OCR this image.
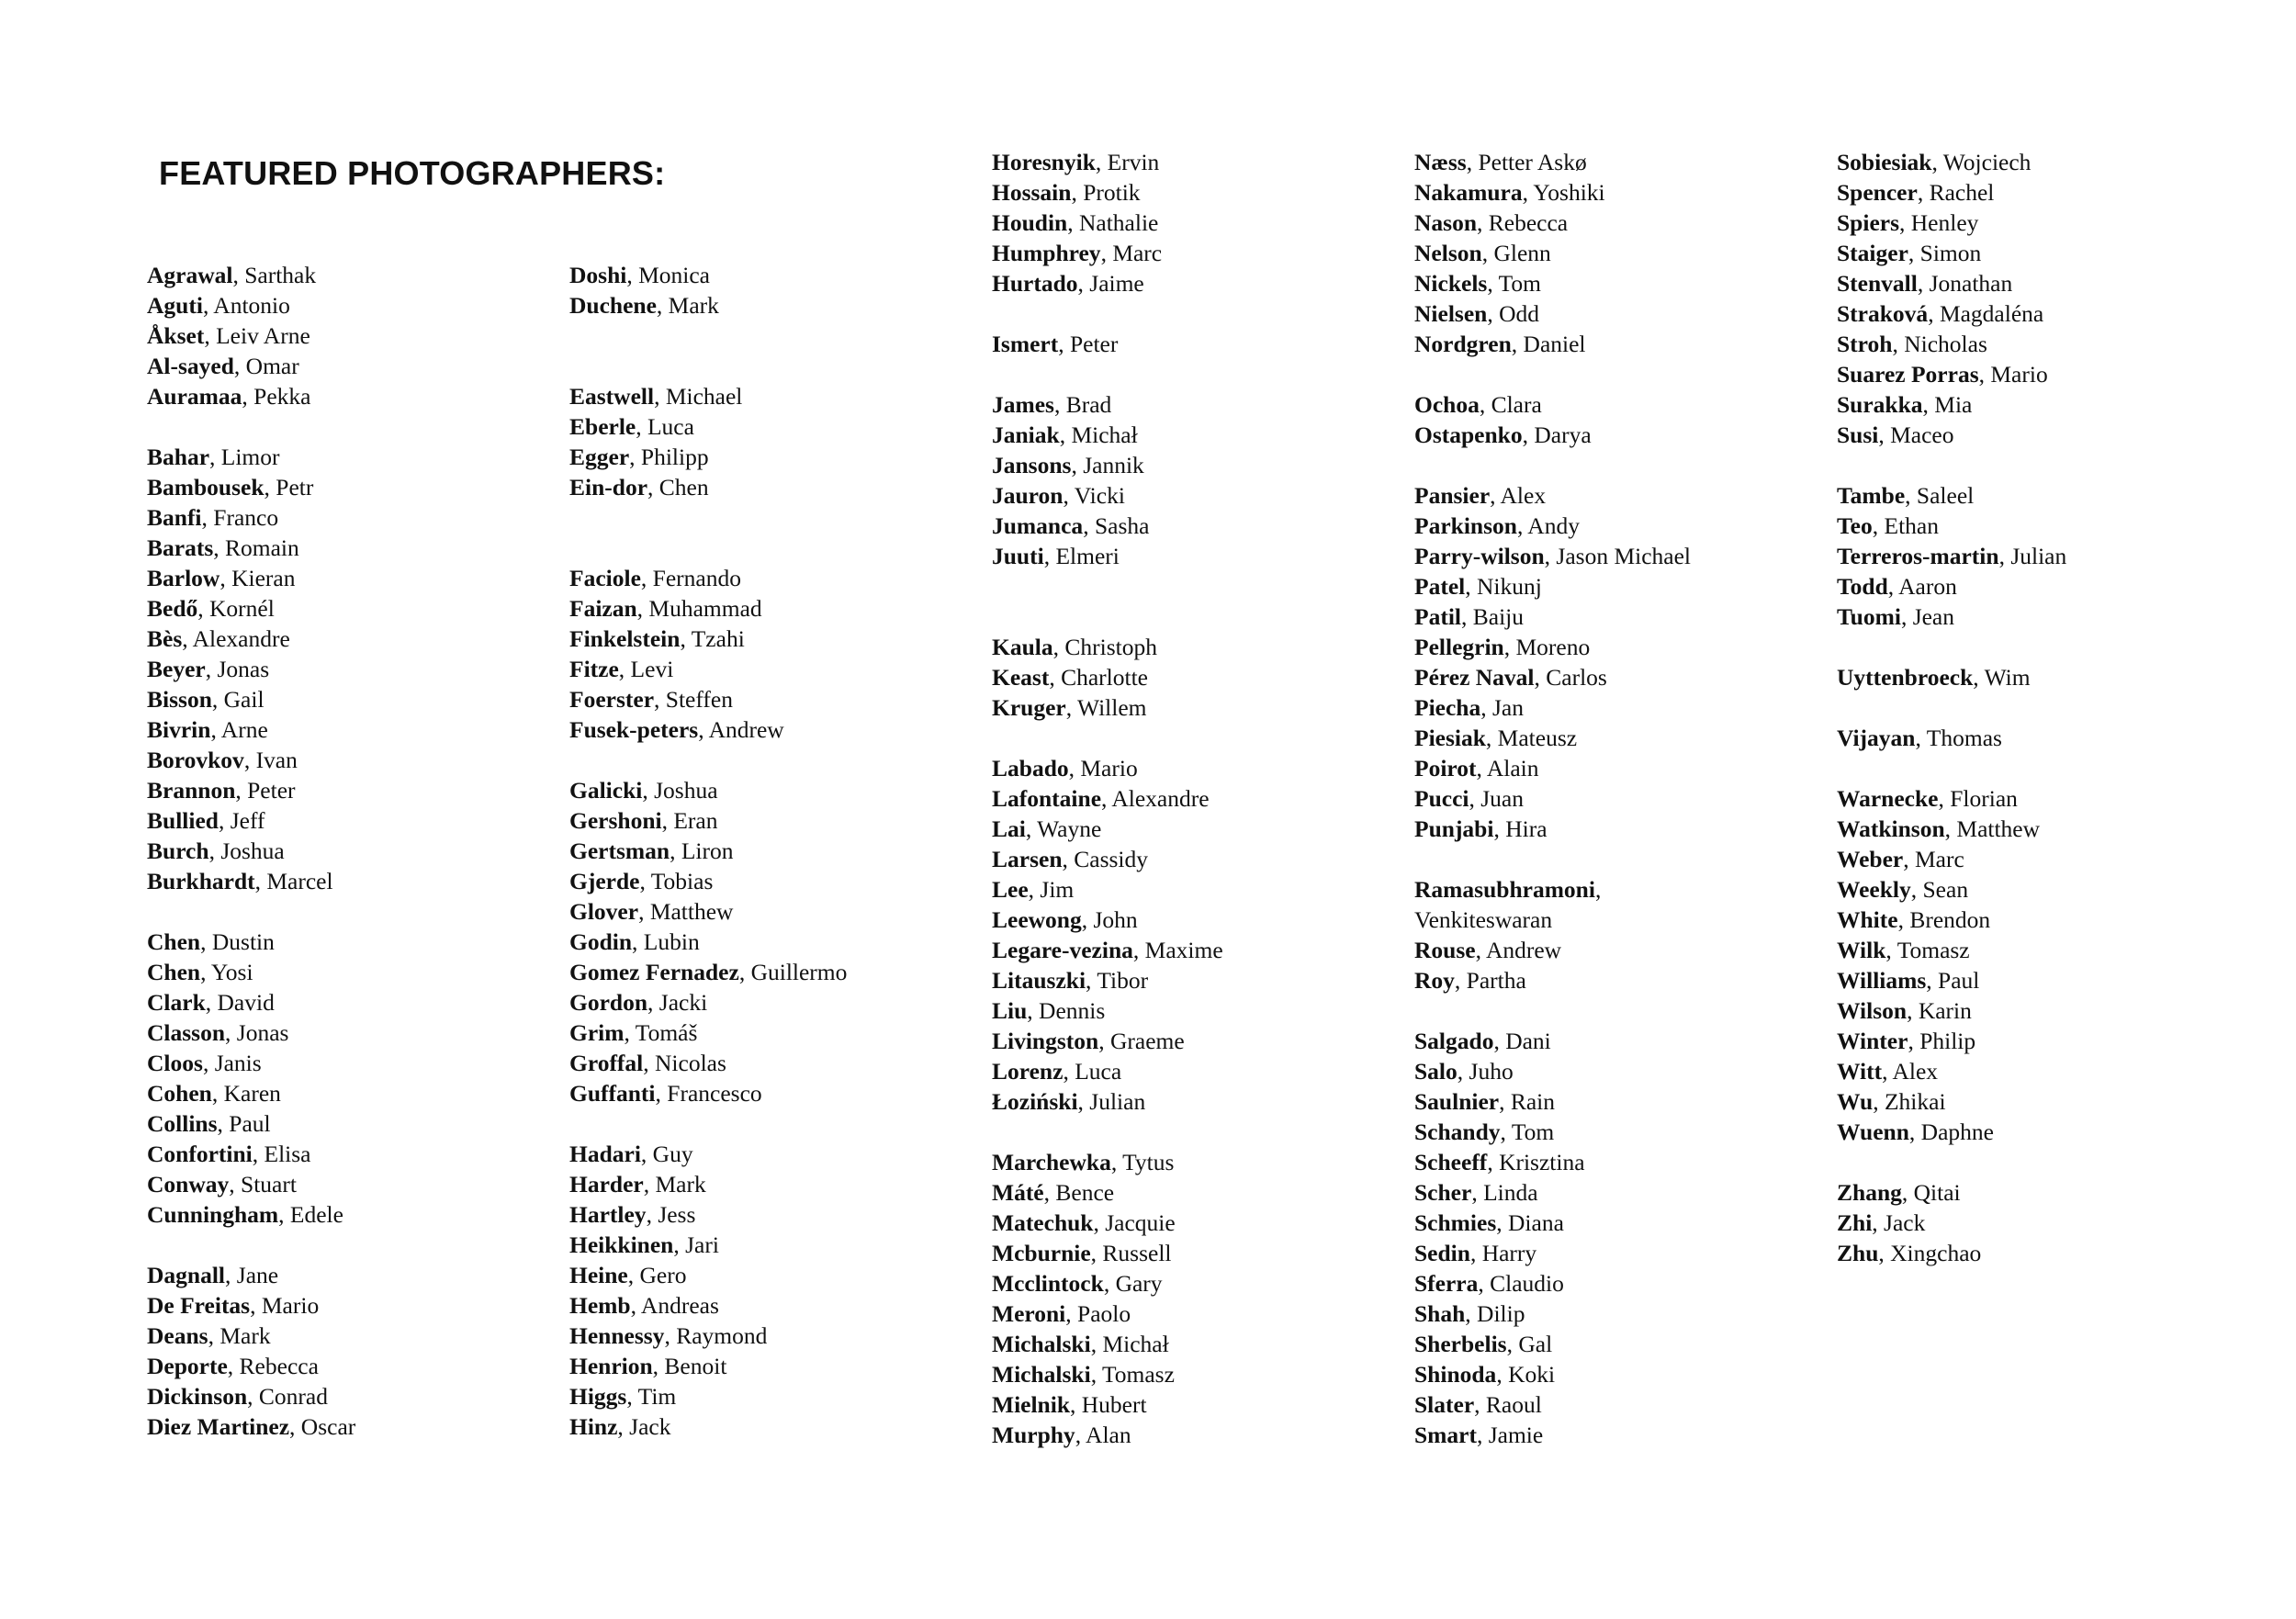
FEATURED PHOTOGRAPHERS:
Agrawal, Sarthak
Aguti, Antonio
Åkset, Leiv Arne
Al-sayed, Omar
Auramaa, Pekka
Bahar, Limor
Bambousek, Petr
Banfi, Franco
Barats, Romain
Barlow, Kieran
Bedő, Kornél
Bès, Alexandre
Beyer, Jonas
Bisson, Gail
Bivrin, Arne
Borovkov, Ivan
Brannon, Peter
Bullied, Jeff
Burch, Joshua
Burkhardt, Marcel
Chen, Dustin
Chen, Yosi
Clark, David
Classon, Jonas
Cloos, Janis
Cohen, Karen
Collins, Paul
Confortini, Elisa
Conway, Stuart
Cunningham, Edele
Dagnall, Jane
De Freitas, Mario
Deans, Mark
Deporte, Rebecca
Dickinson, Conrad
Diez Martinez, Oscar
Doshi, Monica
Duchene, Mark
Eastwell, Michael
Eberle, Luca
Egger, Philipp
Ein-dor, Chen
Faciole, Fernando
Faizan, Muhammad
Finkelstein, Tzahi
Fitze, Levi
Foerster, Steffen
Fusek-peters, Andrew
Galicki, Joshua
Gershoni, Eran
Gertsman, Liron
Gjerde, Tobias
Glover, Matthew
Godin, Lubin
Gomez Fernadez, Guillermo
Gordon, Jacki
Grim, Tomáš
Groffal, Nicolas
Guffanti, Francesco
Hadari, Guy
Harder, Mark
Hartley, Jess
Heikkinen, Jari
Heine, Gero
Hemb, Andreas
Hennessy, Raymond
Henrion, Benoit
Higgs, Tim
Hinz, Jack
Horesnyik, Ervin
Hossain, Protik
Houdin, Nathalie
Humphrey, Marc
Hurtado, Jaime
Ismert, Peter
James, Brad
Janiak, Michał
Jansons, Jannik
Jauron, Vicki
Jumanca, Sasha
Juuti, Elmeri
Kaula, Christoph
Keast, Charlotte
Kruger, Willem
Labado, Mario
Lafontaine, Alexandre
Lai, Wayne
Larsen, Cassidy
Lee, Jim
Leewong, John
Legare-vezina, Maxime
Litauszki, Tibor
Liu, Dennis
Livingston, Graeme
Lorenz, Luca
Łoziński, Julian
Marchewka, Tytus
Máté, Bence
Matechuk, Jacquie
Mcburnie, Russell
Mcclintock, Gary
Meroni, Paolo
Michalski, Michał
Michalski, Tomasz
Mielnik, Hubert
Murphy, Alan
Næss, Petter Askø
Nakamura, Yoshiki
Nason, Rebecca
Nelson, Glenn
Nickels, Tom
Nielsen, Odd
Nordgren, Daniel
Ochoa, Clara
Ostapenko, Darya
Pansier, Alex
Parkinson, Andy
Parry-wilson, Jason Michael
Patel, Nikunj
Patil, Baiju
Pellegrin, Moreno
Pérez Naval, Carlos
Piecha, Jan
Piesiak, Mateusz
Poirot, Alain
Pucci, Juan
Punjabi, Hira
Ramasubhramoni,
Venkiteswaran
Rouse, Andrew
Roy, Partha
Salgado, Dani
Salo, Juho
Saulnier, Rain
Schandy, Tom
Scheeff, Krisztina
Scher, Linda
Schmies, Diana
Sedin, Harry
Sferra, Claudio
Shah, Dilip
Sherbelis, Gal
Shinoda, Koki
Slater, Raoul
Smart, Jamie
Sobiesiak, Wojciech
Spencer, Rachel
Spiers, Henley
Staiger, Simon
Stenvall, Jonathan
Straková, Magdaléna
Stroh, Nicholas
Suarez Porras, Mario
Surakka, Mia
Susi, Maceo
Tambe, Saleel
Teo, Ethan
Terreros-martin, Julian
Todd, Aaron
Tuomi, Jean
Uyttenbroeck, Wim
Vijayan, Thomas
Warnecke, Florian
Watkinson, Matthew
Weber, Marc
Weekly, Sean
White, Brendon
Wilk, Tomasz
Williams, Paul
Wilson, Karin
Winter, Philip
Witt, Alex
Wu, Zhikai
Wuenn, Daphne
Zhang, Qitai
Zhi, Jack
Zhu, Xingchao
